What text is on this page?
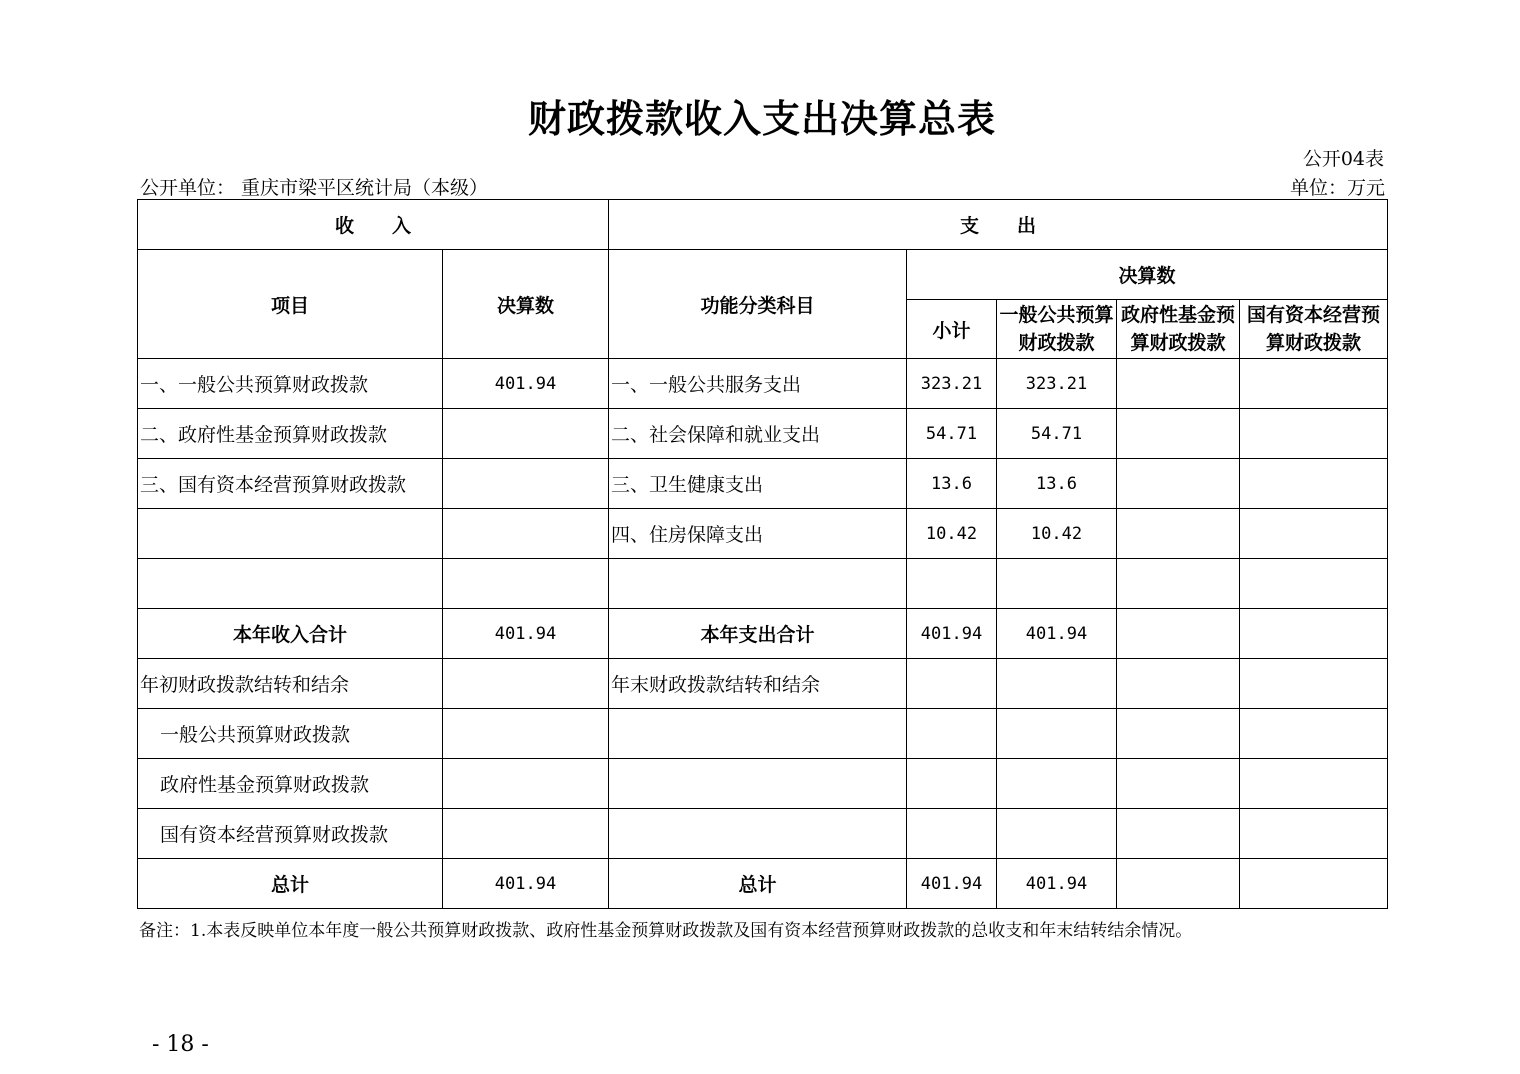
财政拨款收入支出决算总表
公开04表
公开单位： 重庆市梁平区统计局（本级）	单位：万元
收　　入		支　　出				
项目	决算数	功能分类科目	决算数			
			小计	一般公共预算财政拨款	政府性基金预算财政拨款	国有资本经营预算财政拨款
一、一般公共预算财政拨款	401.94	一、一般公共服务支出	323.21	323.21		
二、政府性基金预算财政拨款		二、社会保障和就业支出	54.71	54.71		
三、国有资本经营预算财政拨款		三、卫生健康支出	13.6	13.6		
		四、住房保障支出	10.42	10.42		

本年收入合计	401.94	本年支出合计	401.94	401.94		
年初财政拨款结转和结余		年末财政拨款结转和结余				
一般公共预算财政拨款						
政府性基金预算财政拨款						
国有资本经营预算财政拨款						
总计	401.94	总计	401.94	401.94		
备注：1.本表反映单位本年度一般公共预算财政拨款、政府性基金预算财政拨款及国有资本经营预算财政拨款的总收支和年末结转结余情况。
- 18 -
